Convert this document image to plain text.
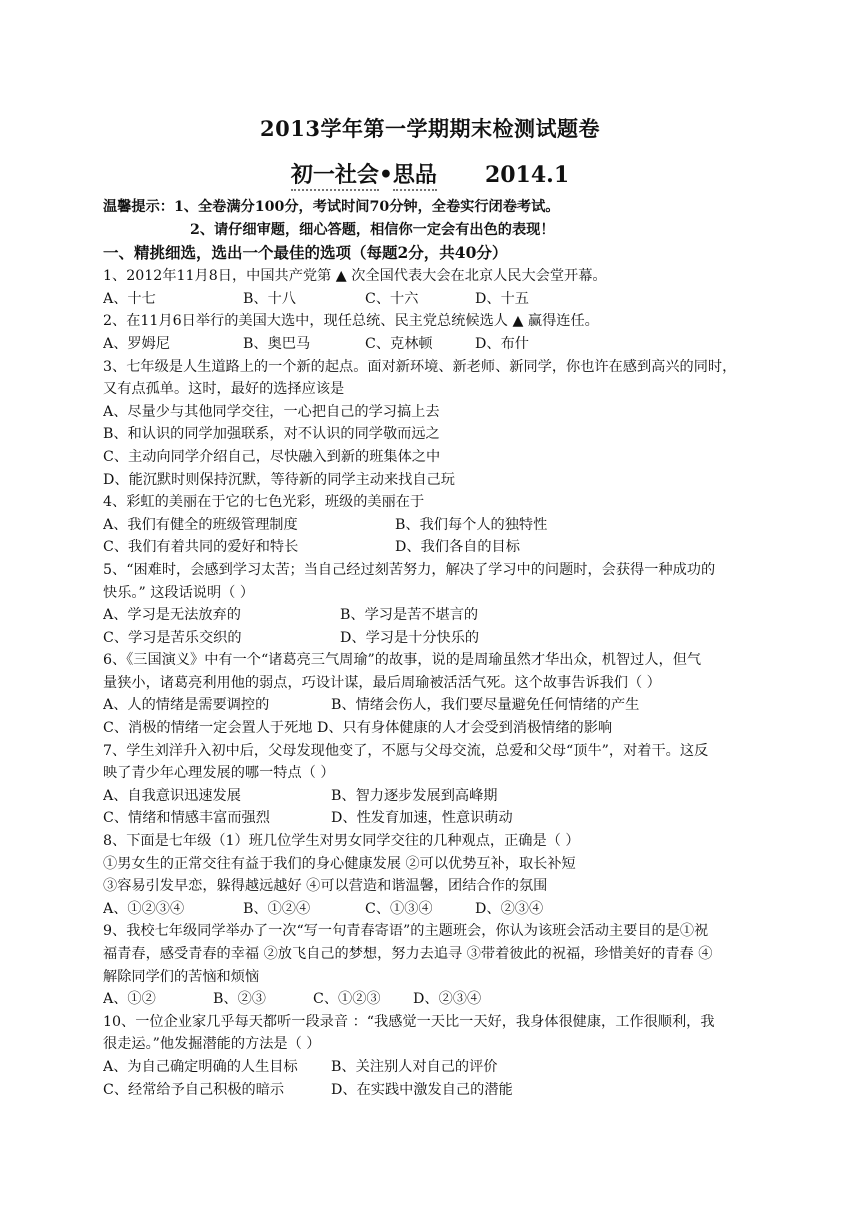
2013学年第一学期期末检测试题卷
初一社会•思品 2014.1
温馨提示：1、全卷满分100分，考试时间70分钟，全卷实行闭卷考试。
2、请仔细审题，细心答题，相信你一定会有出色的表现！
一、精挑细选，选出一个最佳的选项（每题2分，共40分）
1、2012年11月8日，中国共产党第 ▲ 次全国代表大会在北京人民大会堂开幕。
A、十七	B、十八	C、十六	D、十五
2、在11月6日举行的美国大选中，现任总统、民主党总统候选人 ▲ 赢得连任。
A、罗姆尼	B、奥巴马	C、克林顿	D、布什
3、七年级是人生道路上的一个新的起点。面对新环境、新老师、新同学，你也许在感到高兴的同时，
又有点孤单。这时，最好的选择应该是
A、尽量少与其他同学交往，一心把自己的学习搞上去
B、和认识的同学加强联系，对不认识的同学敬而远之
C、主动向同学介绍自己，尽快融入到新的班集体之中
D、能沉默时则保持沉默，等待新的同学主动来找自己玩
4、彩虹的美丽在于它的七色光彩，班级的美丽在于
A、我们有健全的班级管理制度	B、我们每个人的独特性
C、我们有着共同的爱好和特长	D、我们各自的目标
5、“困难时，会感到学习太苦；当自己经过刻苦努力，解决了学习中的问题时，会获得一种成功的
快乐。” 这段话说明（ ）
A、学习是无法放弃的	B、学习是苦不堪言的
C、学习是苦乐交织的	D、学习是十分快乐的
6、《三国演义》中有一个“诸葛亮三气周瑜”的故事，说的是周瑜虽然才华出众，机智过人，但气
量狭小，诸葛亮利用他的弱点，巧设计谋，最后周瑜被活活气死。这个故事告诉我们（ ）
A、人的情绪是需要调控的	B、情绪会伤人，我们要尽量避免任何情绪的产生
C、消极的情绪一定会置人于死地 D、只有身体健康的人才会受到消极情绪的影响
7、学生刘洋升入初中后，父母发现他变了，不愿与父母交流，总爱和父母“顶牛”，对着干。这反
映了青少年心理发展的哪一特点（ ）
A、自我意识迅速发展	B、智力逐步发展到高峰期
C、情绪和情感丰富而强烈	D、性发育加速，性意识萌动
8、下面是七年级（1）班几位学生对男女同学交往的几种观点，正确是（ ）
①男女生的正常交往有益于我们的身心健康发展 ②可以优势互补，取长补短
③容易引发早恋，躲得越远越好 ④可以营造和谐温馨，团结合作的氛围
A、①②③④	B、①②④	C、①③④	D、②③④
9、我校七年级同学举办了一次“写一句青春寄语”的主题班会，你认为该班会活动主要目的是①祝
福青春，感受青春的幸福 ②放飞自己的梦想，努力去追寻 ③带着彼此的祝福，珍惜美好的青春 ④
解除同学们的苦恼和烦恼
A、①②	B、②③	C、①②③ D、②③④
10、一位企业家几乎每天都听一段录音 ：“我感觉一天比一天好，我身体很健康，工作很顺利，我
很走运。”他发掘潜能的方法是（ ）
A、为自己确定明确的人生目标 B、关注别人对自己的评价
C、经常给予自己积极的暗示	D、在实践中激发自己的潜能
